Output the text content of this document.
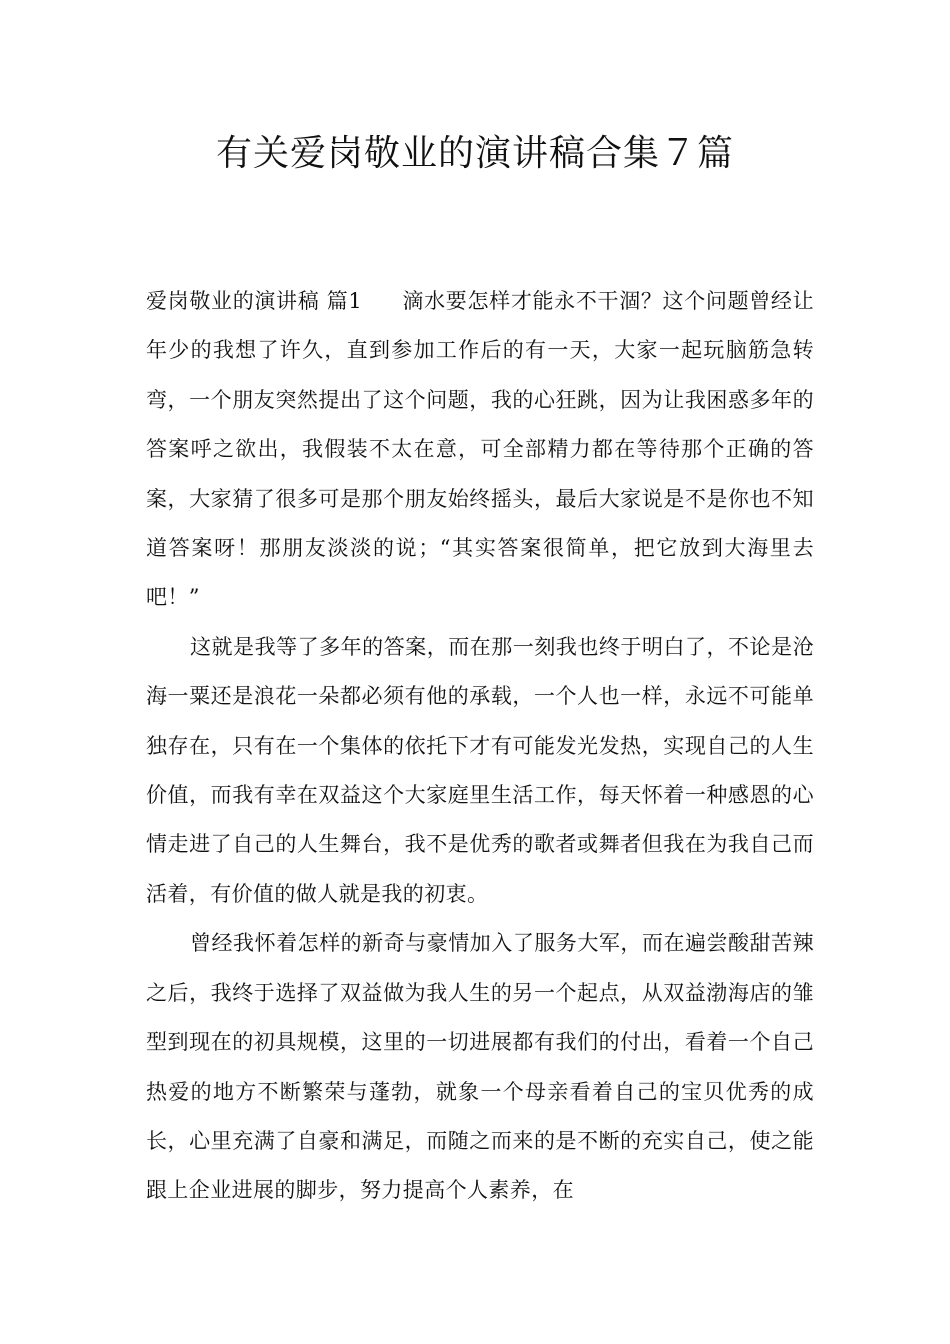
有关爱岗敬业的演讲稿合集７篇

爱岗敬业的演讲稿 篇1 滴水要怎样才能永不干涸？这个问题曾经让年少的我想了许久，直到参加工作后的有一天，大家一起玩脑筋急转弯，一个朋友突然提出了这个问题，我的心狂跳，因为让我困惑多年的答案呼之欲出，我假装不太在意，可全部精力都在等待那个正确的答案，大家猜了很多可是那个朋友始终摇头，最后大家说是不是你也不知道答案呀！那朋友淡淡的说；“其实答案很简单，把它放到大海里去吧！”

这就是我等了多年的答案，而在那一刻我也终于明白了，不论是沧海一粟还是浪花一朵都必须有他的承载，一个人也一样，永远不可能单独存在，只有在一个集体的依托下才有可能发光发热，实现自己的人生价值，而我有幸在双益这个大家庭里生活工作，每天怀着一种感恩的心情走进了自己的人生舞台，我不是优秀的歌者或舞者但我在为我自己而活着，有价值的做人就是我的初衷。

曾经我怀着怎样的新奇与豪情加入了服务大军，而在遍尝酸甜苦辣之后，我终于选择了双益做为我人生的另一个起点，从双益渤海店的雏型到现在的初具规模，这里的一切进展都有我们的付出，看着一个自己热爱的地方不断繁荣与蓬勃，就象一个母亲看着自己的宝贝优秀的成长，心里充满了自豪和满足，而随之而来的是不断的充实自己，使之能跟上企业进展的脚步，努力提高个人素养，在
